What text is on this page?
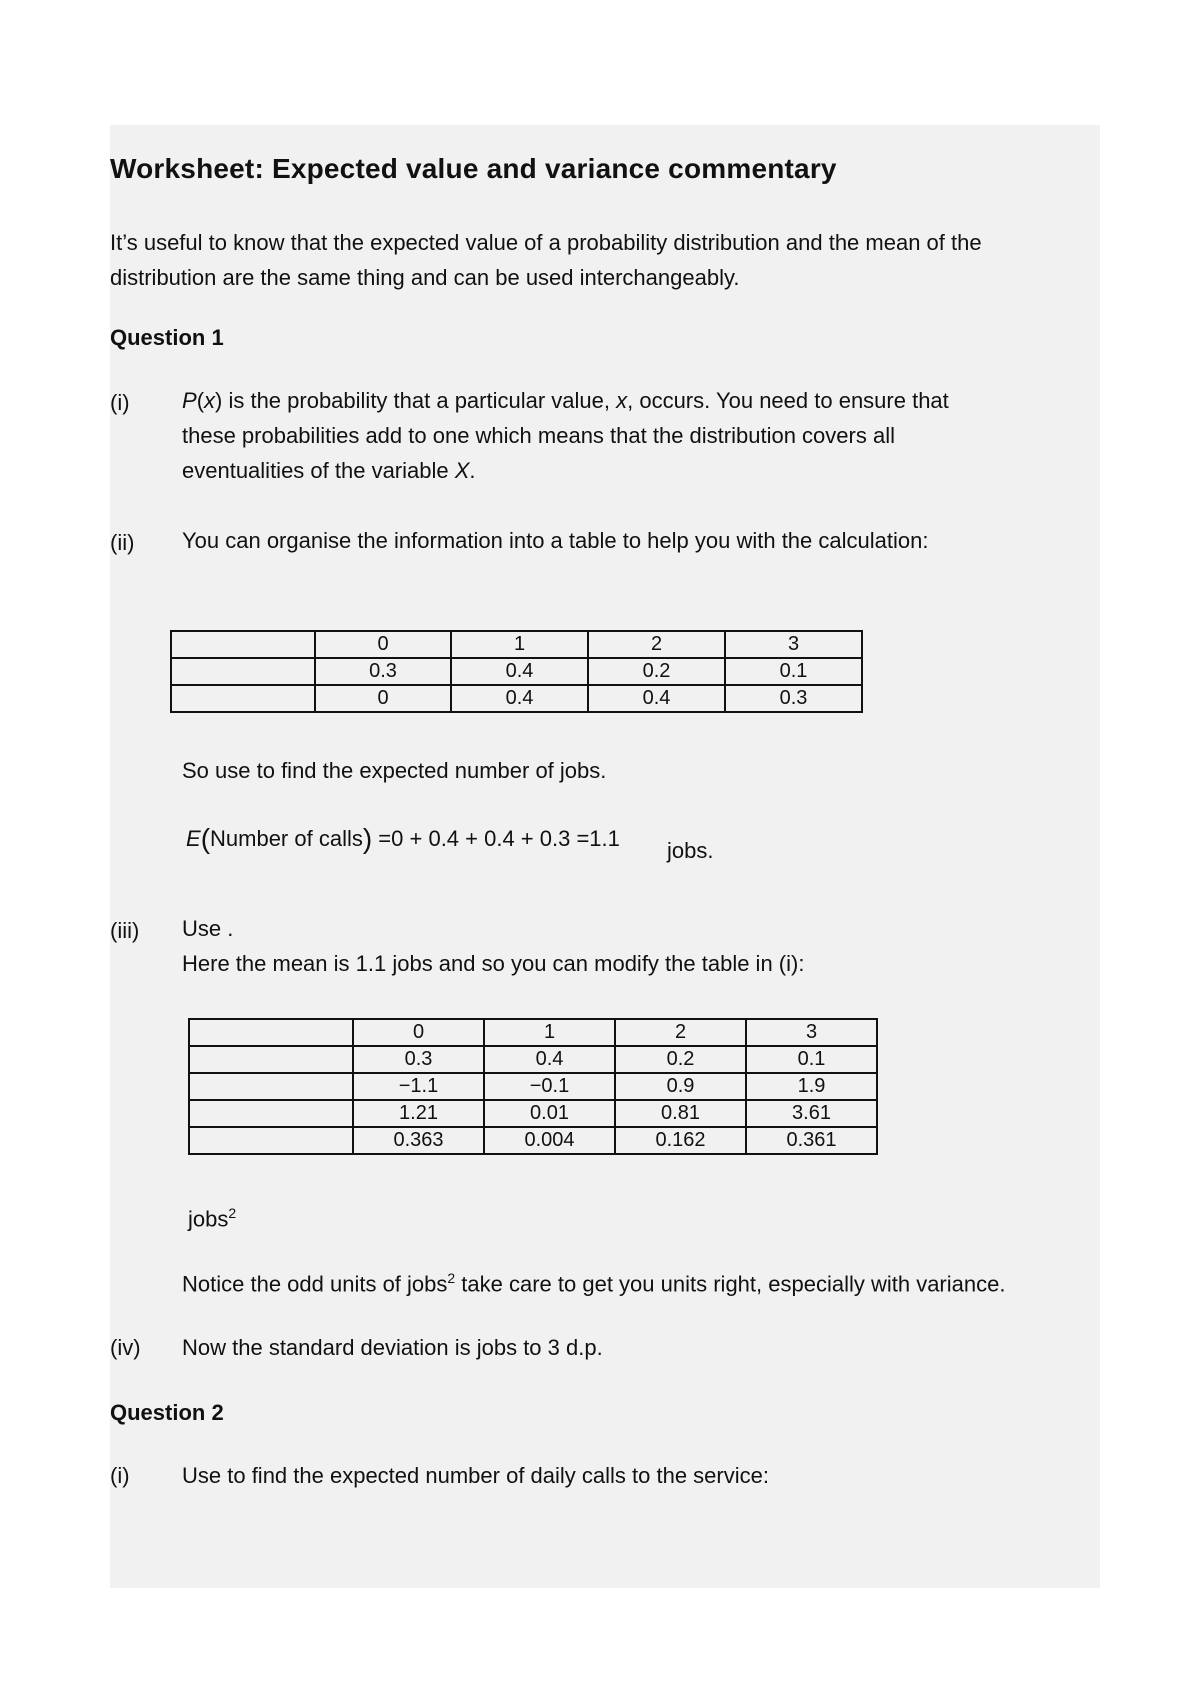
Worksheet: Expected value and variance commentary
It’s useful to know that the expected value of a probability distribution and the mean of the
distribution are the same thing and can be used interchangeably.
Question 1
(i) P(x) is the probability that a particular value, x, occurs. You need to ensure that
these probabilities add to one which means that the distribution covers all
eventualities of the variable X.
(ii) You can organise the information into a table to help you with the calculation:
	0	1	2	3
	0.3	0.4	0.2	0.1
	0	0.4	0.4	0.3
So use to find the expected number of jobs.
E(Number of calls) =0 + 0.4 + 0.4 + 0.3 =1.1 jobs.
(iii) Use .
Here the mean is 1.1 jobs and so you can modify the table in (i):
	0	1	2	3
	0.3	0.4	0.2	0.1
	−1.1	−0.1	0.9	1.9
	1.21	0.01	0.81	3.61
	0.363	0.004	0.162	0.361
jobs$^2$
Notice the odd units of jobs$^2$ take care to get you units right, especially with variance.
(iv) Now the standard deviation is jobs to 3 d.p.
Question 2
(i) Use to find the expected number of daily calls to the service:
